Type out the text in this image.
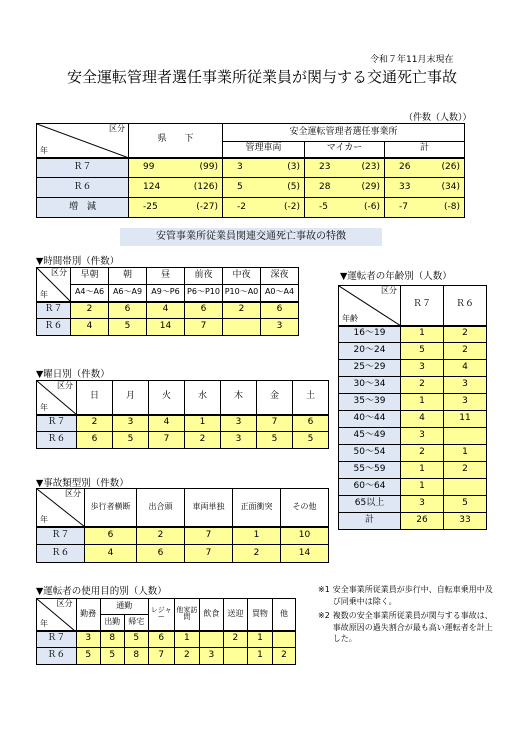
令和７年11月末現在
安全運転管理者選任事業所従業員が関与する交通死亡事故
（件数（人数））
区分
年	県　　下	安全運転管理者選任事業所		
		管理車両	マイカー	計
Ｒ７	99 (99)	3 (3)	23 (23)	26 (26)

Ｒ６	124 (126)	5 (5)	28 (29)	33 (34)

増　減	-25 (-27)	-2 (-2)	-5 (-6)	-7 (-8)
安管事業所従業員関連交通死亡事故の特徴
▼時間帯別（件数）
区分
年	早朝	朝	昼	前夜	中夜	深夜
	A4～A6	A6～A9	A9～P6	P6～P10	P10～A0	A0～A4
Ｒ７	2	6	4	6	2	6
Ｒ６	4	5	14	7		3
▼曜日別（件数）
区分
年	日	月	火	水	木	金	土
Ｒ７	2	3	4	1	3	7	6
Ｒ６	6	5	7	2	3	5	5
▼事故類型別（件数）
区分
年	歩行者横断	出合頭	車両単独	正面衝突	その他
Ｒ７	6	2	7	1	10
Ｒ６	4	6	7	2	14
▼運転者の使用目的別（人数）
区分
年	勤務	通勤		レジャー	他家訪問	飲食	送迎	買物	他
		出勤	帰宅						
Ｒ７	3	8	5	6	1		2	1	
Ｒ６	5	5	8	7	2	3		1	2
▼運転者の年齢別（人数）
区分
年齢	Ｒ７	Ｒ６
16～19	1	2
20～24	5	2
25～29	3	4
30～34	2	3
35～39	1	3
40～44	4	11
45～49	3	
50～54	2	1
55～59	1	2
60～64	1	
65以上	3	5
計	26	33
※1 安全事業所従業員が歩行中、自転車乗用中及び同乗中は除く。
※2 複数の安全事業所従業員が関与する事故は、事故原因の過失割合が最も高い運転者を計上した。
